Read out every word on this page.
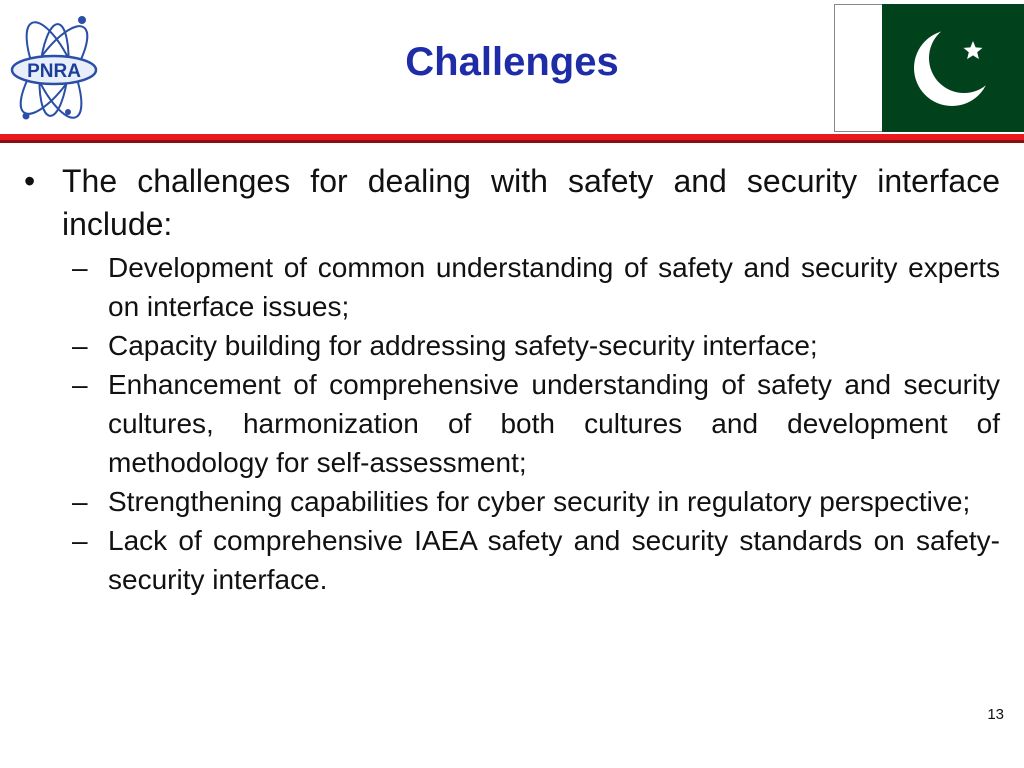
PNRA	Challenges
• The challenges for dealing with safety and security interface include:
– Development of common understanding of safety and security experts on interface issues;
– Capacity building for addressing safety-security interface;
– Enhancement of comprehensive understanding of safety and security cultures, harmonization of both cultures and development of methodology for self-assessment;
– Strengthening capabilities for cyber security in regulatory perspective;
– Lack of comprehensive IAEA safety and security standards on safety-security interface.
13
